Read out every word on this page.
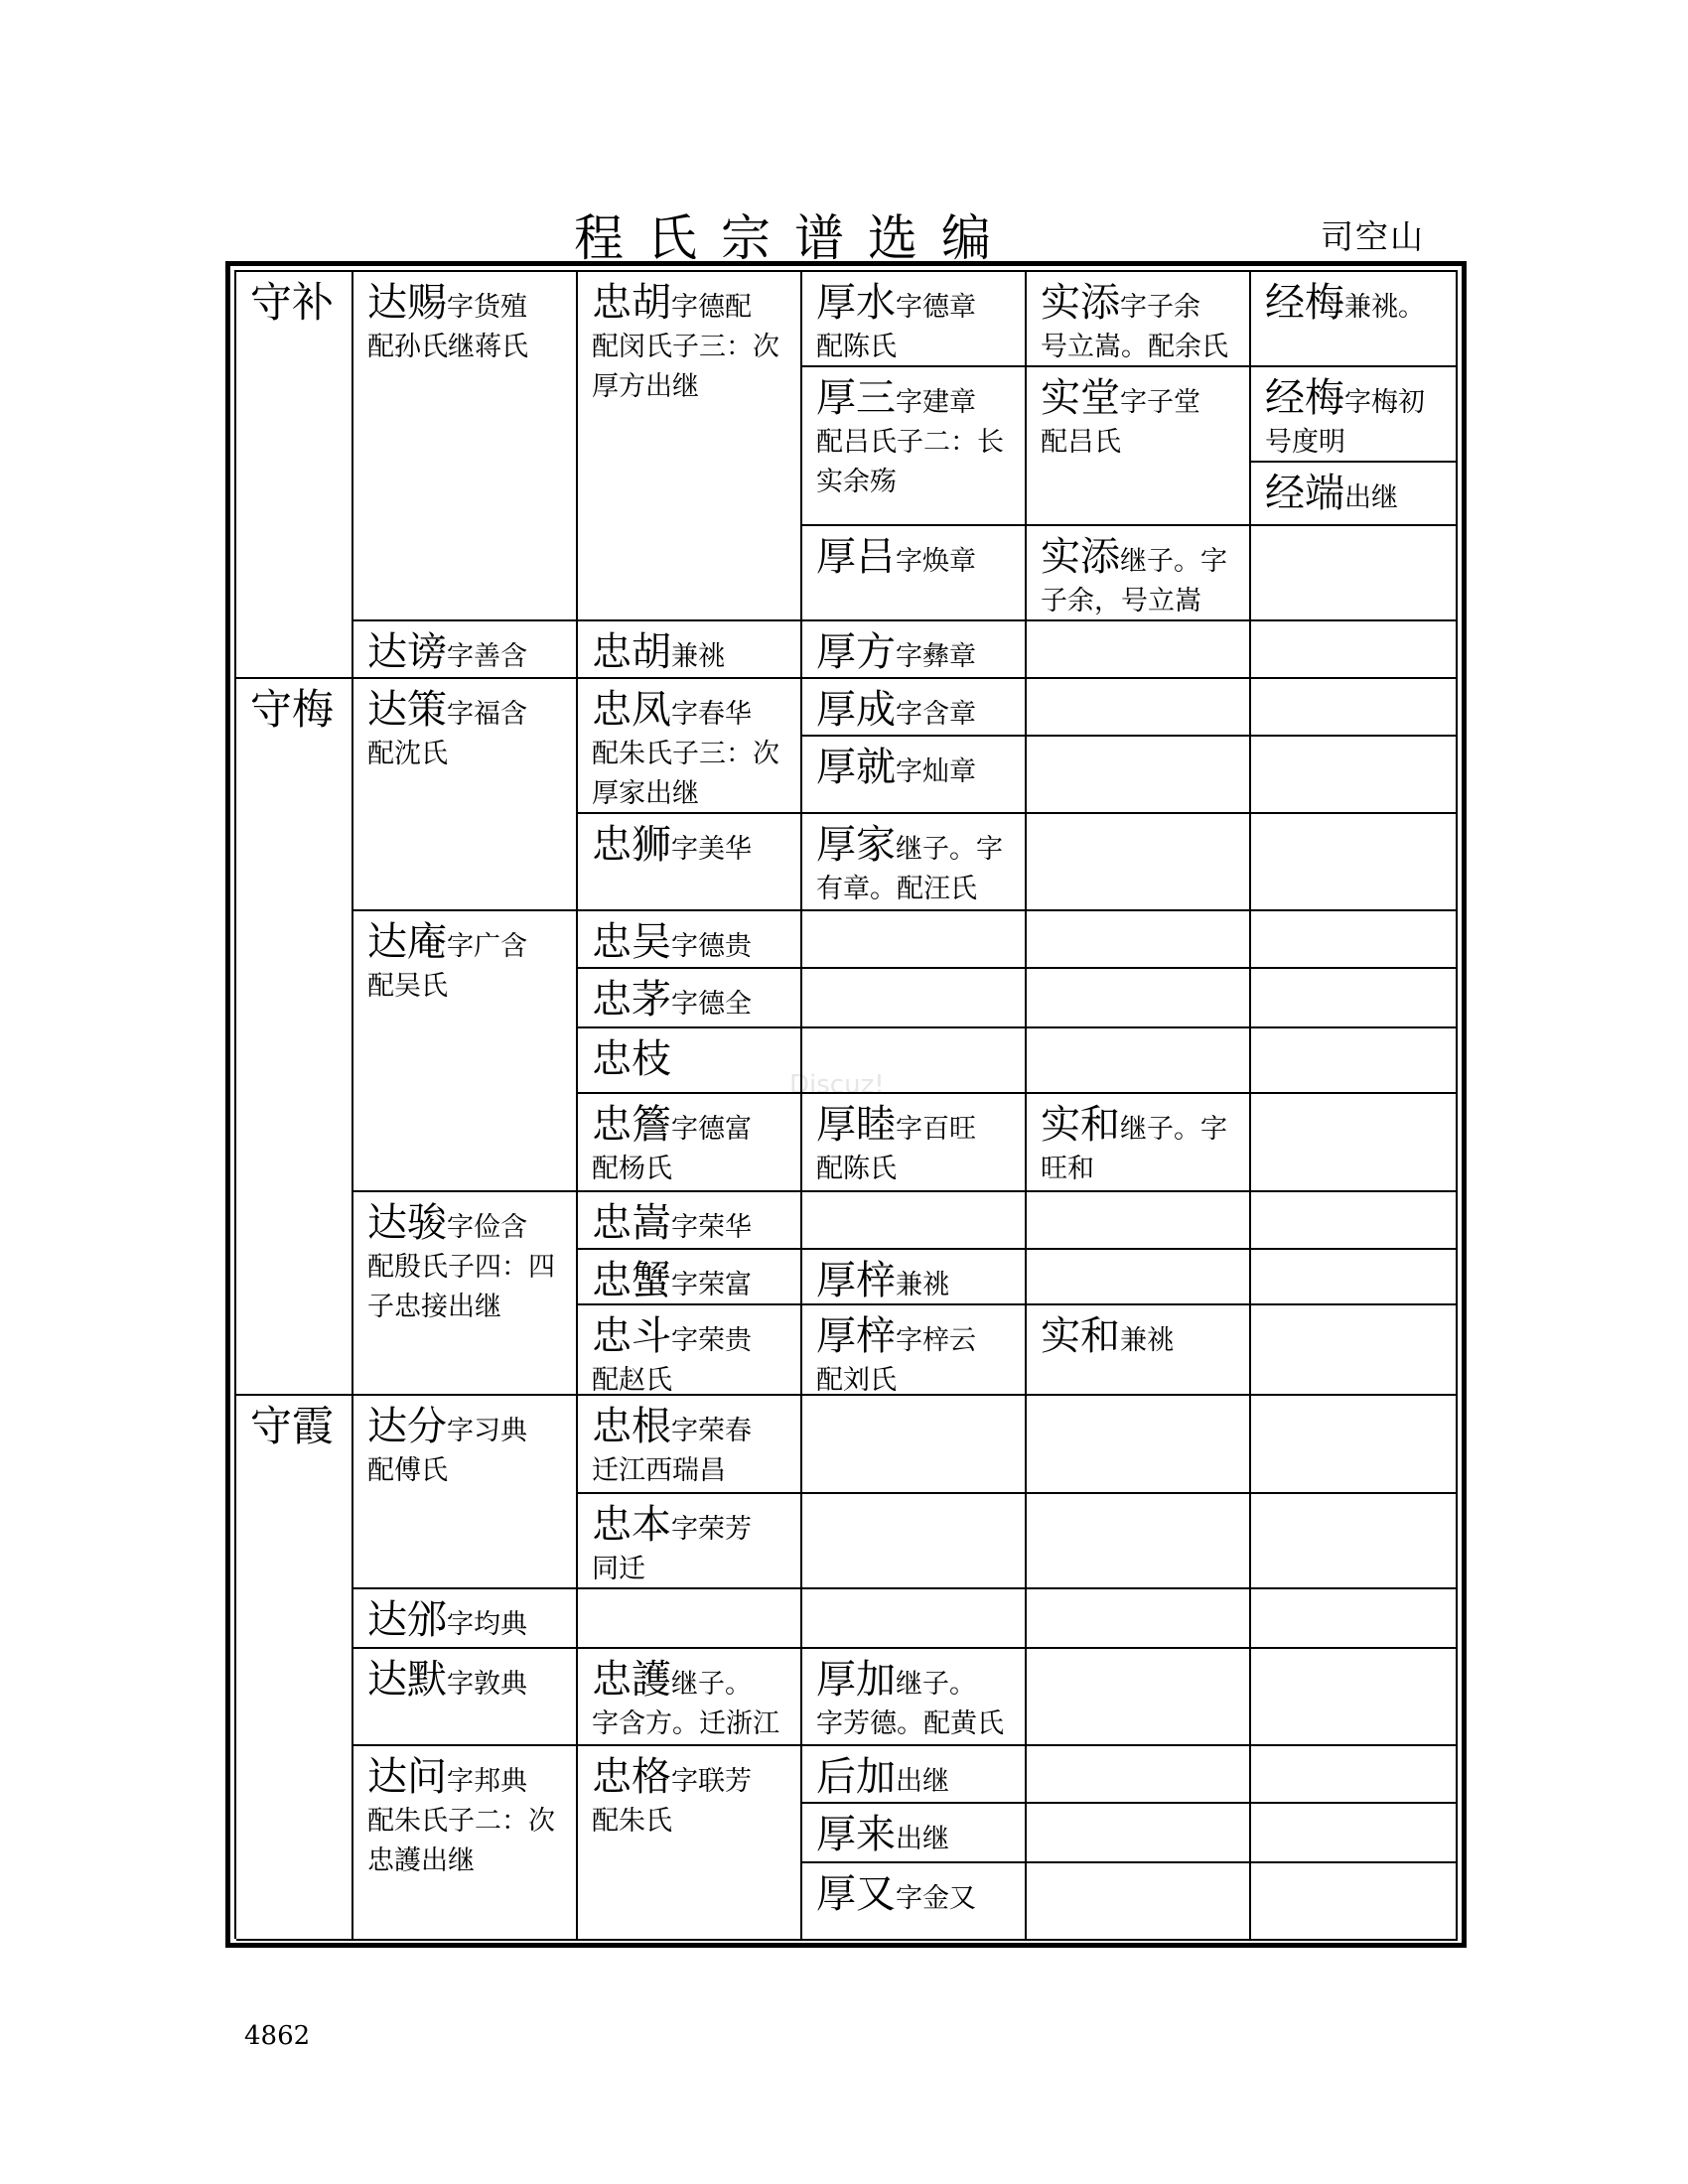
程氏宗谱选编	司空山
Discuz!
守补
守梅
守霞
达赐字货殖
配孙氏继蒋氏
达谤字善含
达策字福含
配沈氏
达庵字广含
配吴氏
达骏字俭含
配殷氏子四：四子忠接出继
达分字习典
配傅氏
达邠字均典
达默字敦典
达问字邦典
配朱氏子二：次忠護出继
忠胡字德配
配闵氏子三：次厚方出继
忠胡兼祧
忠凤字春华
配朱氏子三：次厚家出继
忠狮字美华
忠吴字德贵
忠茅字德全
忠枝
忠簷字德富
配杨氏
忠嵩字荣华
忠蟹字荣富
忠斗字荣贵
配赵氏
忠根字荣春
迁江西瑞昌
忠本字荣芳
同迁
忠護继子。
字含方。迁浙江
忠格字联芳
配朱氏
厚水字德章
配陈氏
厚三字建章
配吕氏子二：长实余殇
厚吕字焕章
厚方字彝章
厚成字含章
厚就字灿章
厚家继子。字
有章。配汪氏
厚睦字百旺
配陈氏
厚梓兼祧
厚梓字梓云
配刘氏
厚加继子。
字芳德。配黄氏
后加出继
厚来出继
厚又字金又
实添字子余
号立嵩。配余氏
实堂字子堂
配吕氏
实添继子。字
子余，号立嵩
实和继子。字
旺和
实和兼祧
经梅兼祧。
经梅字梅初
号度明
经端出继
4862
